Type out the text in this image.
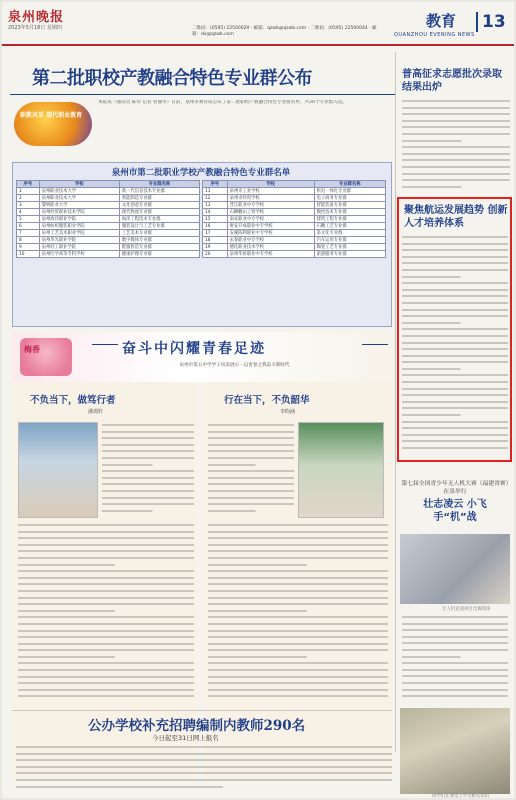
泉州晚报
2023年5月18日 星期四	二维码：(0595) 22500029 · 邮箱：qzwb@qzwb.com · 二维码：(0595) 22500044 · 邮箱：dx@qzwb.com
教育
QUANZHOU EVENING NEWS
13
第二批职校产教融合特色专业群公布
职教风采 现代职业教育
本报讯（通讯员 陈伟 记者 曾丽华）日前，泉州市教育局公布了第二批职校产教融合特色专业群名单，共20个专业群入选。
泉州市第二批职业学校产教融合特色专业群名单
序号	学校	专业群名称
1	泉州职业技术大学	新一代信息技术专业群
2	泉州职业技术大学	智能制造专业群
3	黎明职业大学	文化创意专业群
4	泉州经贸职业技术学院	现代物流专业群
5	泉州海洋职业学院	海洋工程技术专业群
6	泉州纺织服装职业学院	服装设计与工艺专业群
7	泉州工艺美术职业学院	工艺美术专业群
8	泉州华光职业学院	数字媒体专业群
9	泉州轻工职业学院	鞋服智造专业群
10	泉州医学高等专科学校	健康护理专业群
序号	学校	专业群名称
11	泉州市工业学校	机电一体化专业群
12	泉州市经贸学校	电子商务专业群
13	晋江职业中专学校	智能装备专业群
14	石狮鹏山工贸学校	数控技术专业群
15	南安职业中专学校	建筑工程专业群
16	惠安开成职业中专学校	石雕工艺专业群
17	安溪陈利职业中专学校	茶文化专业群
18	永春职业中专学校	汽车运用专业群
19	德化职业技术学校	陶瓷工艺专业群
20	泉州华侨职业中专学校	旅游服务专业群
普高征求志愿批次录取结果出炉
聚焦航运发展趋势 创新人才培养体系
第七届全国青少年无人机大赛（福建省赛）在泉举行
壮志凌云 小飞手“机”战
无人机竞速项目比赛现场
同学们在课堂上学习相关知识
梅香	奋斗中闪耀青春足迹
泉州市第五中学学子风采展示 · 以青春之我奋斗新时代
不负当下，做笃行者
潘璟轩
行在当下，不负韶华
李昀涵
公办学校补充招聘编制内教师290名
今日起至31日网上报名
